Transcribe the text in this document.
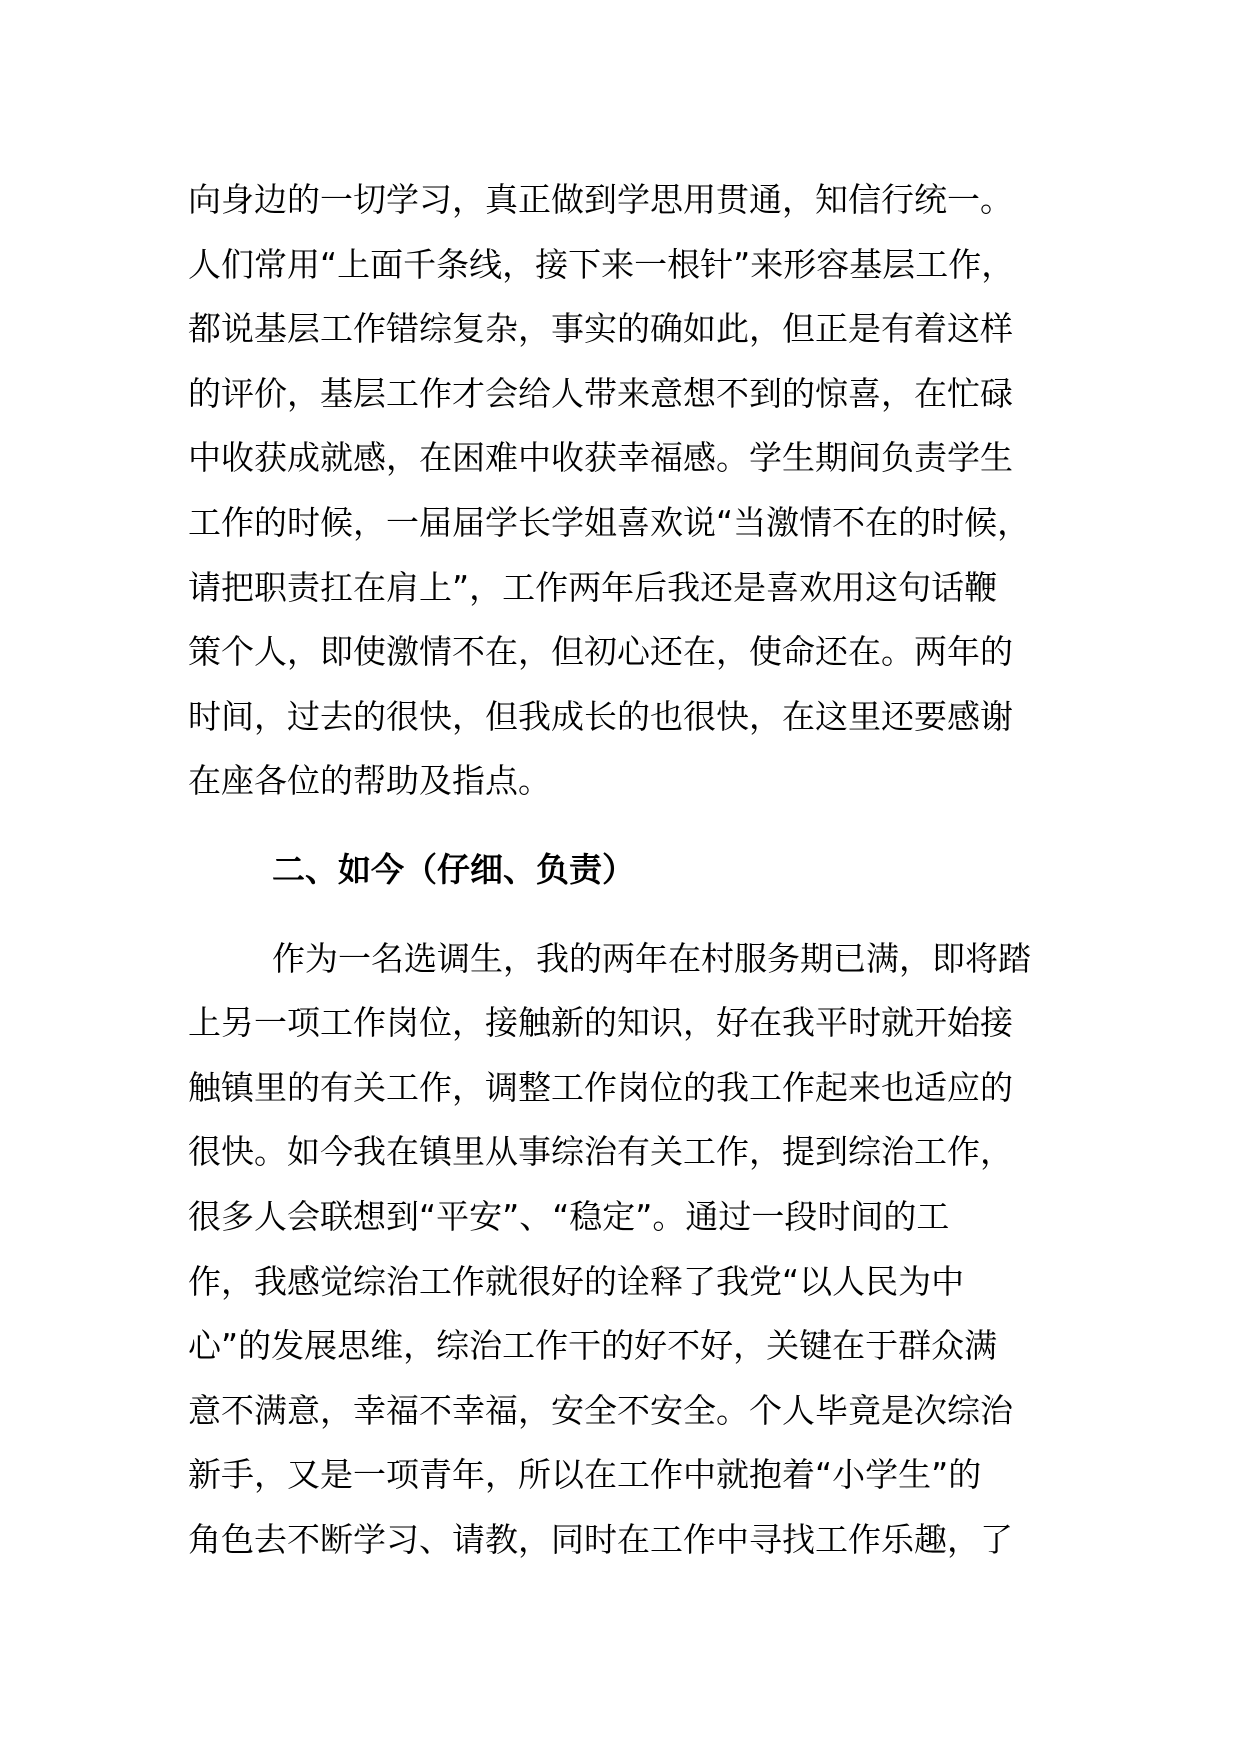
向身边的一切学习，真正做到学思用贯通，知信行统一。
人们常用“上面千条线，接下来一根针”来形容基层工作，
都说基层工作错综复杂，事实的确如此，但正是有着这样
的评价，基层工作才会给人带来意想不到的惊喜，在忙碌
中收获成就感，在困难中收获幸福感。学生期间负责学生
工作的时候，一届届学长学姐喜欢说“当激情不在的时候，
请把职责扛在肩上”，工作两年后我还是喜欢用这句话鞭
策个人，即使激情不在，但初心还在，使命还在。两年的
时间，过去的很快，但我成长的也很快，在这里还要感谢
在座各位的帮助及指点。
二、如今（仔细、负责）
作为一名选调生，我的两年在村服务期已满，即将踏
上另一项工作岗位，接触新的知识，好在我平时就开始接
触镇里的有关工作，调整工作岗位的我工作起来也适应的
很快。如今我在镇里从事综治有关工作，提到综治工作，
很多人会联想到“平安”、“稳定”。通过一段时间的工
作，我感觉综治工作就很好的诠释了我党“以人民为中
心”的发展思维，综治工作干的好不好，关键在于群众满
意不满意，幸福不幸福，安全不安全。个人毕竟是次综治
新手，又是一项青年，所以在工作中就抱着“小学生”的
角色去不断学习、请教，同时在工作中寻找工作乐趣，了
